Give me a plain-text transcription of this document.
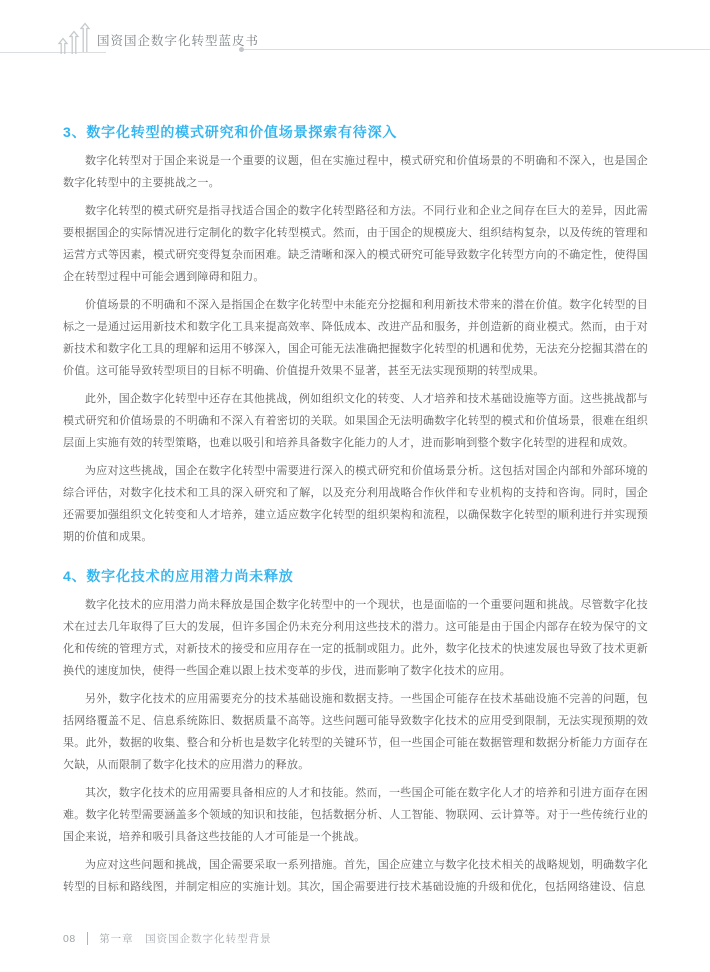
国资国企数字化转型蓝皮书
3、数字化转型的模式研究和价值场景探索有待深入

数字化转型对于国企来说是一个重要的议题，但在实施过程中，模式研究和价值场景的不明确和不深入，也是国企数字化转型中的主要挑战之一。

数字化转型的模式研究是指寻找适合国企的数字化转型路径和方法。不同行业和企业之间存在巨大的差异，因此需要根据国企的实际情况进行定制化的数字化转型模式。然而，由于国企的规模庞大、组织结构复杂，以及传统的管理和运营方式等因素，模式研究变得复杂而困难。缺乏清晰和深入的模式研究可能导致数字化转型方向的不确定性，使得国企在转型过程中可能会遇到障碍和阻力。

价值场景的不明确和不深入是指国企在数字化转型中未能充分挖掘和利用新技术带来的潜在价值。数字化转型的目标之一是通过运用新技术和数字化工具来提高效率、降低成本、改进产品和服务，并创造新的商业模式。然而，由于对新技术和数字化工具的理解和运用不够深入，国企可能无法准确把握数字化转型的机遇和优势，无法充分挖掘其潜在的价值。这可能导致转型项目的目标不明确、价值提升效果不显著，甚至无法实现预期的转型成果。

此外，国企数字化转型中还存在其他挑战，例如组织文化的转变、人才培养和技术基础设施等方面。这些挑战都与模式研究和价值场景的不明确和不深入有着密切的关联。如果国企无法明确数字化转型的模式和价值场景，很难在组织层面上实施有效的转型策略，也难以吸引和培养具备数字化能力的人才，进而影响到整个数字化转型的进程和成效。

为应对这些挑战，国企在数字化转型中需要进行深入的模式研究和价值场景分析。这包括对国企内部和外部环境的综合评估，对数字化技术和工具的深入研究和了解，以及充分利用战略合作伙伴和专业机构的支持和咨询。同时，国企还需要加强组织文化转变和人才培养，建立适应数字化转型的组织架构和流程，以确保数字化转型的顺利进行并实现预期的价值和成果。

4、数字化技术的应用潜力尚未释放

数字化技术的应用潜力尚未释放是国企数字化转型中的一个现状，也是面临的一个重要问题和挑战。尽管数字化技术在过去几年取得了巨大的发展，但许多国企仍未充分利用这些技术的潜力。这可能是由于国企内部存在较为保守的文化和传统的管理方式，对新技术的接受和应用存在一定的抵制或阻力。此外，数字化技术的快速发展也导致了技术更新换代的速度加快，使得一些国企难以跟上技术变革的步伐，进而影响了数字化技术的应用。

另外，数字化技术的应用需要充分的技术基础设施和数据支持。一些国企可能存在技术基础设施不完善的问题，包括网络覆盖不足、信息系统陈旧、数据质量不高等。这些问题可能导致数字化技术的应用受到限制，无法实现预期的效果。此外，数据的收集、整合和分析也是数字化转型的关键环节，但一些国企可能在数据管理和数据分析能力方面存在欠缺，从而限制了数字化技术的应用潜力的释放。

其次，数字化技术的应用需要具备相应的人才和技能。然而，一些国企可能在数字化人才的培养和引进方面存在困难。数字化转型需要涵盖多个领域的知识和技能，包括数据分析、人工智能、物联网、云计算等。对于一些传统行业的国企来说，培养和吸引具备这些技能的人才可能是一个挑战。

为应对这些问题和挑战，国企需要采取一系列措施。首先，国企应建立与数字化技术相关的战略规划，明确数字化转型的目标和路线图，并制定相应的实施计划。其次，国企需要进行技术基础设施的升级和优化，包括网络建设、信息

08 第一章　国资国企数字化转型背景
